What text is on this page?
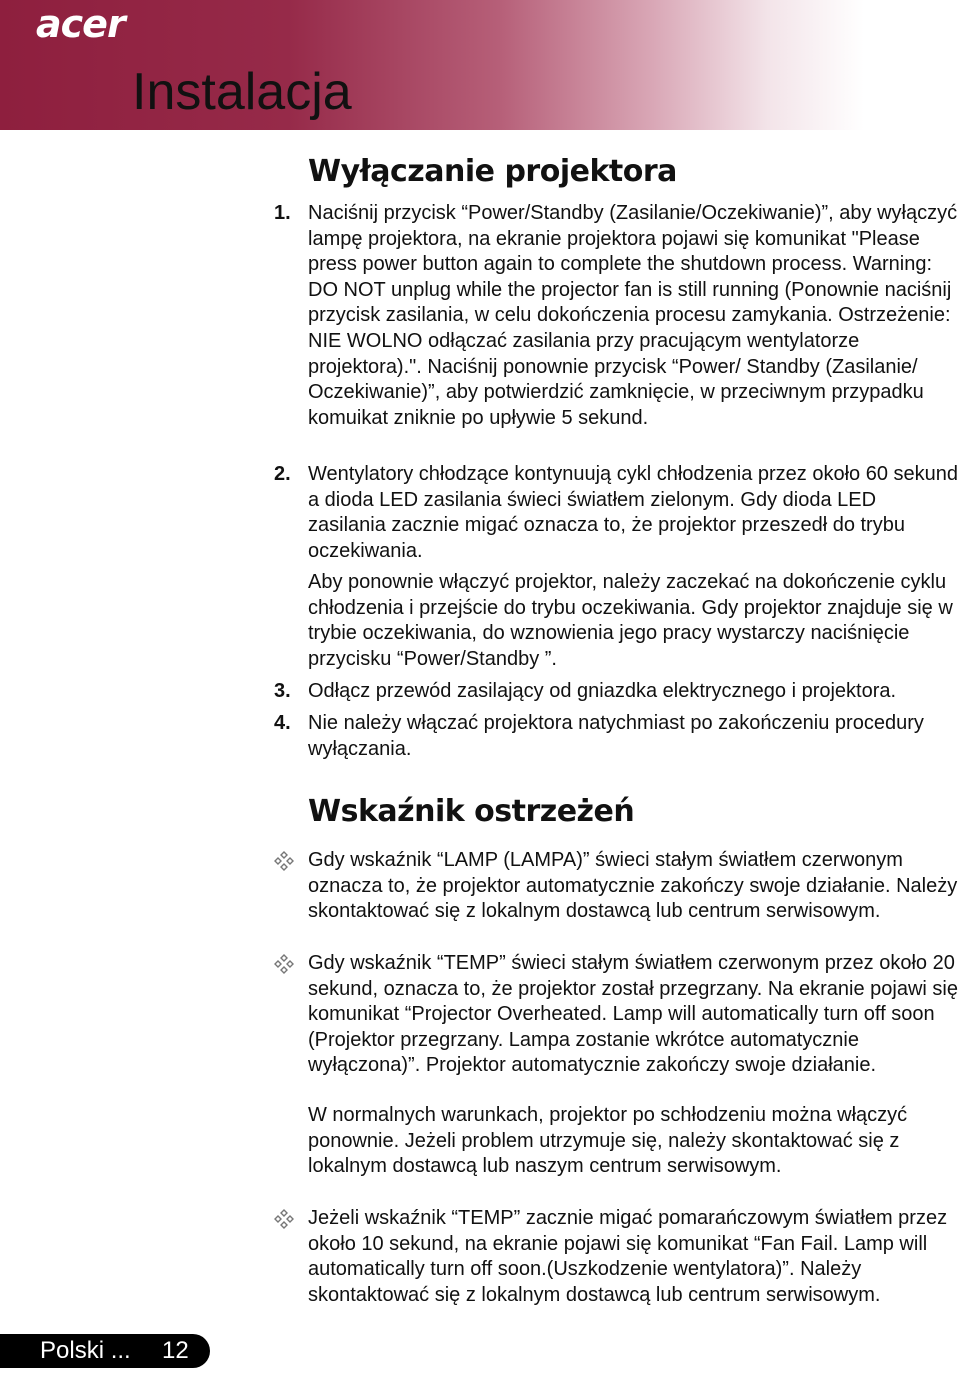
acer
Instalacja
Wyłączanie projektora
1. Naciśnij przycisk “Power/Standby (Zasilanie/Oczekiwanie)”, aby wyłączyć lampę projektora, na ekranie projektora pojawi się komunikat "Please press power button again to complete the shutdown process. Warning: DO NOT unplug while the projector fan is still running (Ponownie naciśnij przycisk zasilania, w celu dokończenia procesu zamykania. Ostrzeżenie: NIE WOLNO odłączać zasilania przy pracującym wentylatorze projektora).". Naciśnij ponownie przycisk “Power/ Standby (Zasilanie/ Oczekiwanie)”, aby potwierdzić zamknięcie, w przeciwnym przypadku komuikat zniknie po upływie 5 sekund.
2. Wentylatory chłodzące kontynuują cykl chłodzenia przez około 60 sekund a dioda LED zasilania świeci światłem zielonym. Gdy dioda LED zasilania zacznie migać oznacza to, że projektor przeszedł do trybu oczekiwania.
Aby ponownie włączyć projektor, należy zaczekać na dokończenie cyklu chłodzenia i przejście do trybu oczekiwania. Gdy projektor znajduje się w trybie oczekiwania, do wznowienia jego pracy wystarczy naciśnięcie przycisku “Power/Standby ”.
3. Odłącz przewód zasilający od gniazdka elektrycznego i projektora.
4. Nie należy włączać projektora natychmiast po zakończeniu procedury wyłączania.
Wskaźnik ostrzeżeń
Gdy wskaźnik “LAMP (LAMPA)” świeci stałym światłem czerwonym oznacza to, że projektor automatycznie zakończy swoje działanie. Należy skontaktować się z lokalnym dostawcą lub centrum serwisowym.
Gdy wskaźnik “TEMP” świeci stałym światłem czerwonym przez około 20 sekund, oznacza to, że projektor został przegrzany. Na ekranie pojawi się komunikat “Projector Overheated. Lamp will automatically turn off soon (Projektor przegrzany. Lampa zostanie wkrótce automatycznie wyłączona)”. Projektor automatycznie zakończy swoje działanie.
W normalnych warunkach, projektor po schłodzeniu można włączyć ponownie. Jeżeli problem utrzymuje się, należy skontaktować się z lokalnym dostawcą lub naszym centrum serwisowym.
Jeżeli wskaźnik “TEMP” zacznie migać pomarańczowym światłem przez około 10 sekund, na ekranie pojawi się komunikat “Fan Fail. Lamp will automatically turn off soon.(Uszkodzenie wentylatora)”. Należy skontaktować się z lokalnym dostawcą lub centrum serwisowym.
Polski ... 12
